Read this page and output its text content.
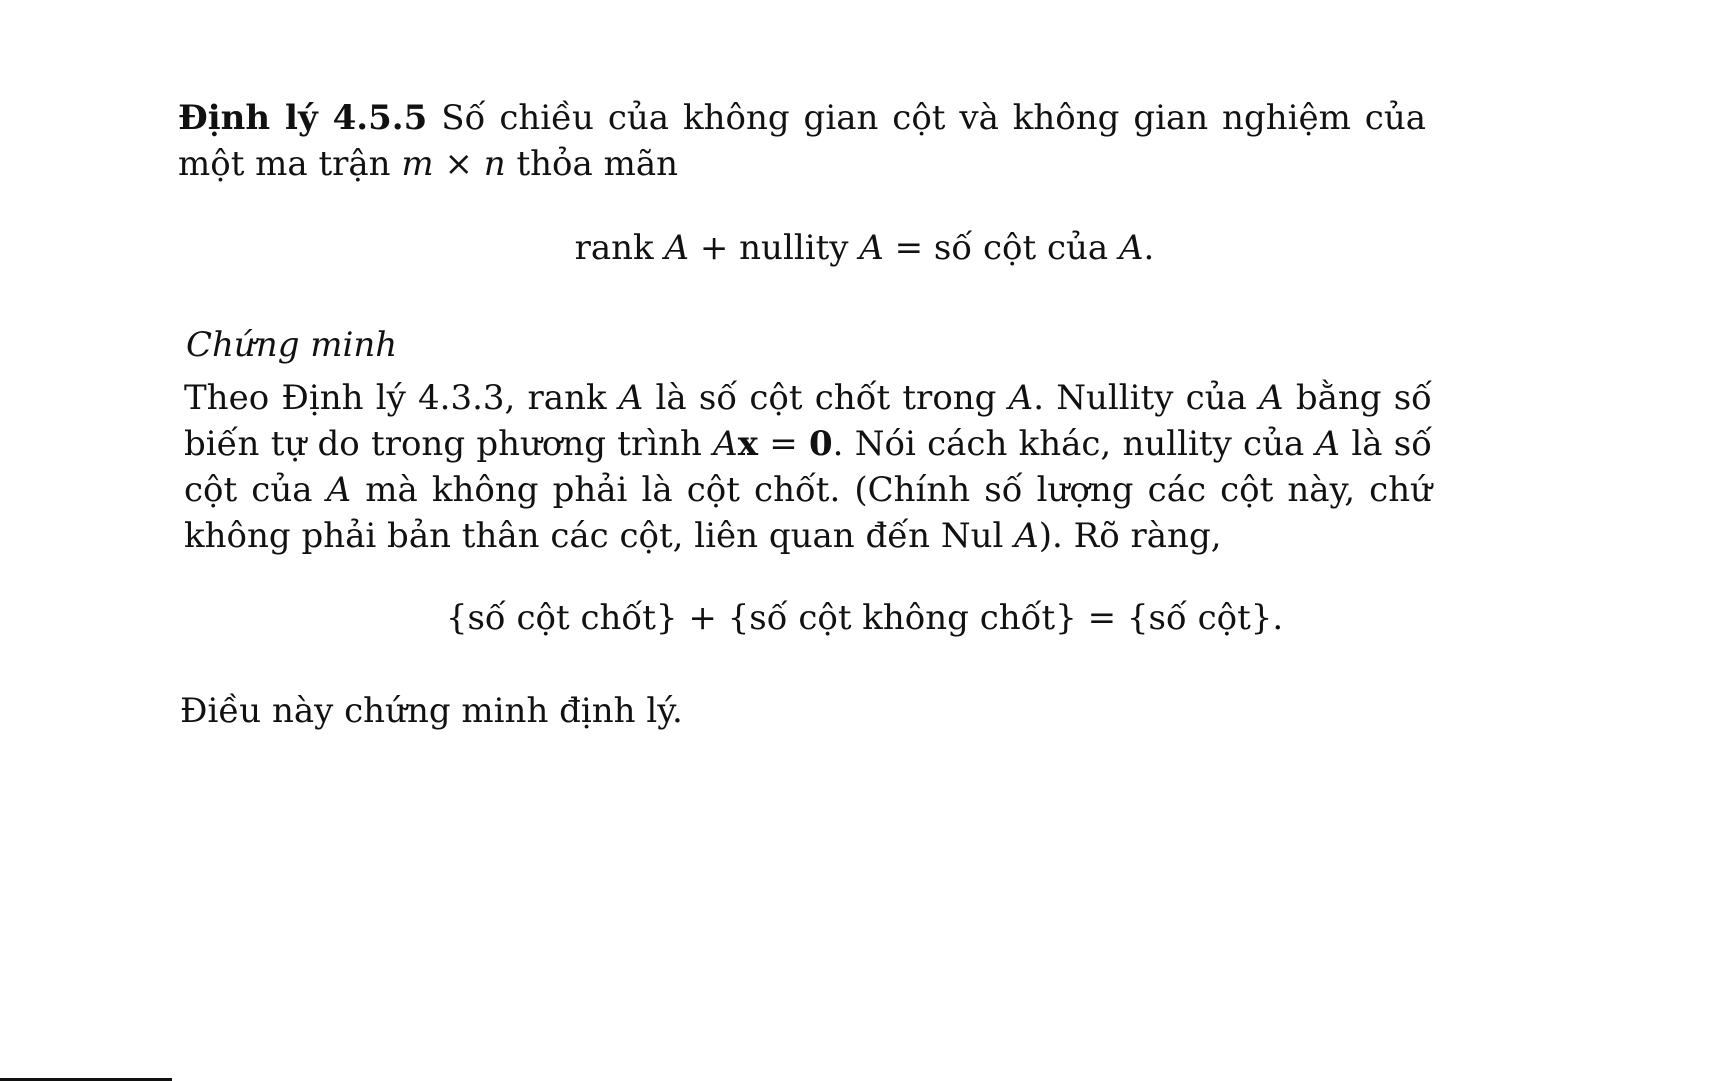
Định lý 4.5.5 Số chiều của không gian cột và không gian nghiệm của một ma trận m × n thỏa mãn
rank A + nullity A = số cột của A.
Chứng minh
Theo Định lý 4.3.3, rank A là số cột chốt trong A. Nullity của A bằng số biến tự do trong phương trình Ax = 0. Nói cách khác, nullity của A là số cột của A mà không phải là cột chốt. (Chính số lượng các cột này, chứ không phải bản thân các cột, liên quan đến Nul A). Rõ ràng,
{số cột chốt} + {số cột không chốt} = {số cột}.
Điều này chứng minh định lý.
